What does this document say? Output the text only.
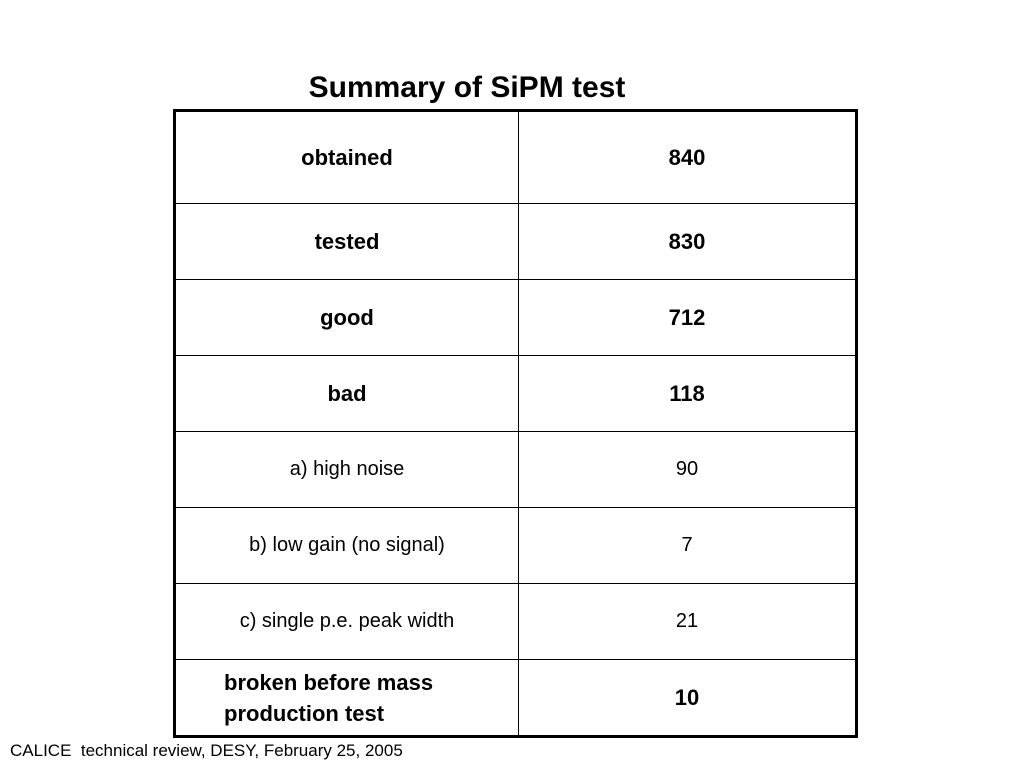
Summary of SiPM test
obtained	840
tested	830
good	712
bad	118
a) high noise	90
b) low gain (no signal)	7
c) single p.e. peak width	21
broken before mass
production test	10
CALICE  technical review, DESY, February 25, 2005
